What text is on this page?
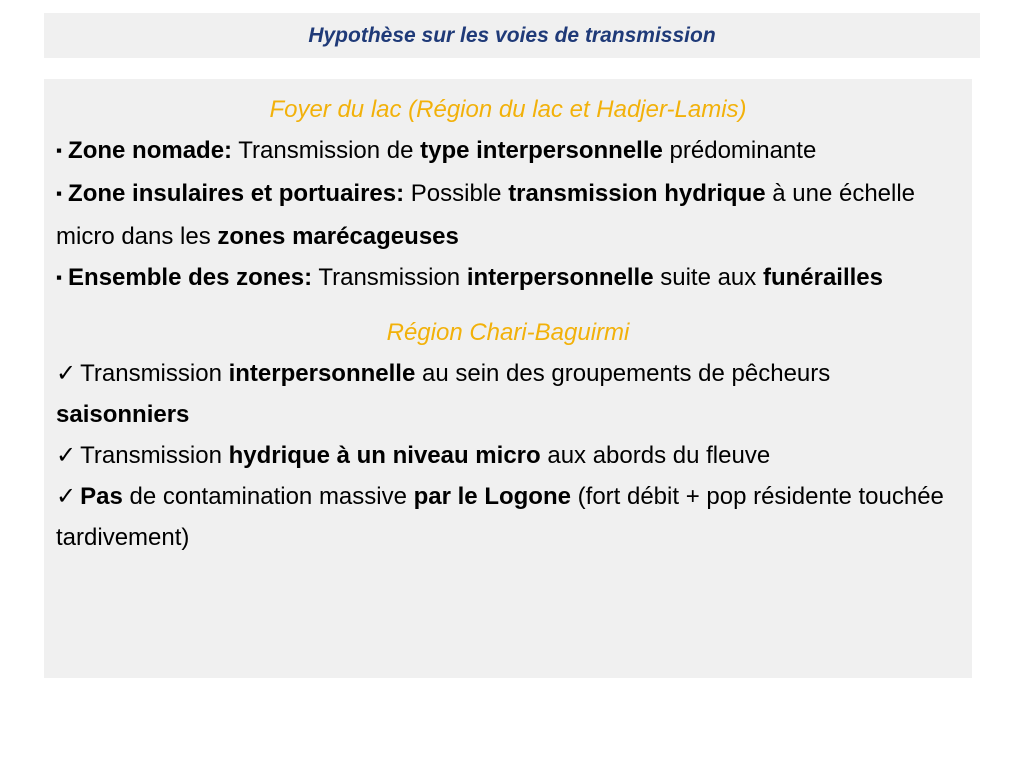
Hypothèse sur les voies de transmission
Foyer du lac (Région du lac et Hadjer-Lamis)

▪ Zone nomade: Transmission de type interpersonnelle prédominante

▪ Zone insulaires et portuaires: Possible transmission hydrique à une échelle micro dans les zones marécageuses

▪ Ensemble des zones: Transmission interpersonnelle suite aux funérailles

Région Chari-Baguirmi

✓ Transmission interpersonnelle au sein des groupements de pêcheurs saisonniers

✓ Transmission hydrique à un niveau micro aux abords du fleuve

✓ Pas de contamination massive par le Logone (fort débit + pop résidente touchée tardivement)
